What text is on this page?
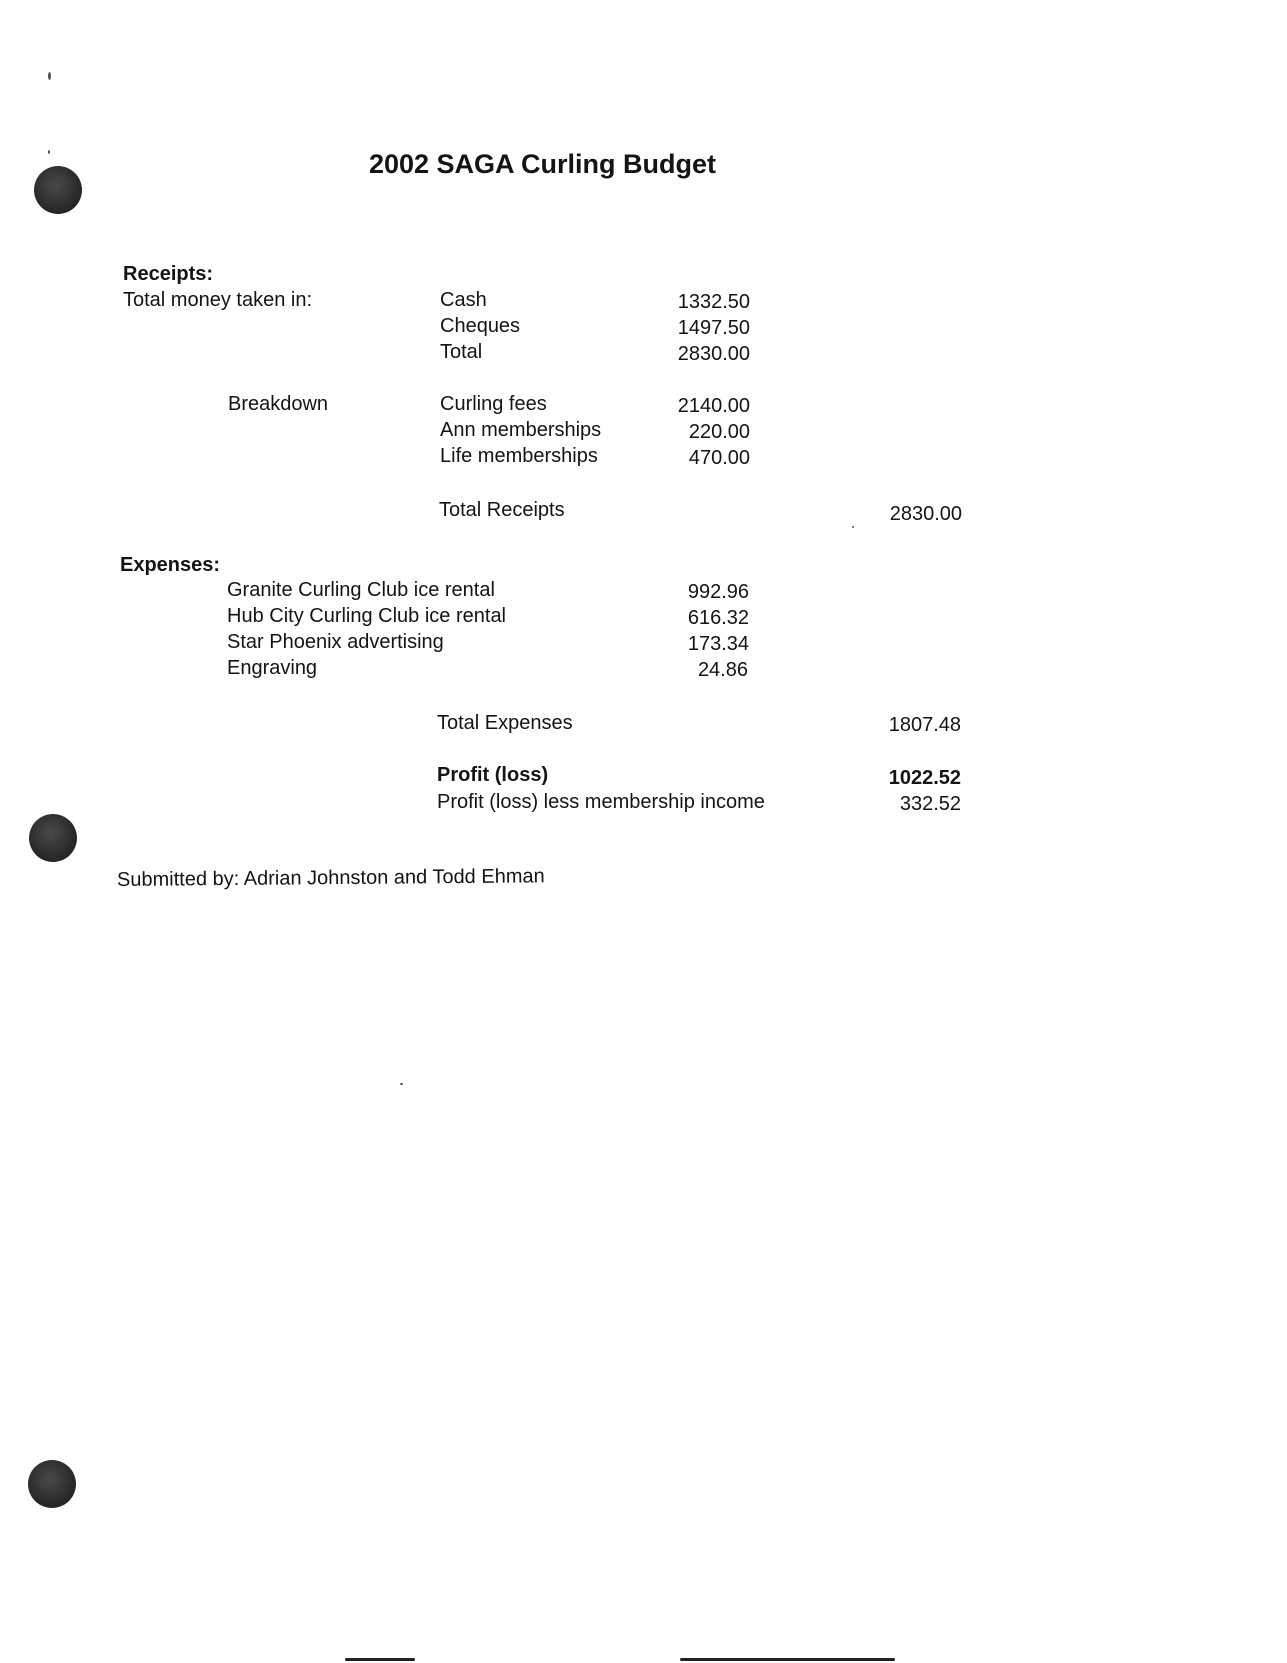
2002 SAGA Curling Budget
Receipts:
Total money taken in:	Cash	1332.50
Cheques	1497.50
Total	2830.00
Breakdown	Curling fees	2140.00
Ann memberships	220.00
Life memberships	470.00
Total Receipts	2830.00
Expenses:
Granite Curling Club ice rental	992.96
Hub City Curling Club ice rental	616.32
Star Phoenix advertising	173.34
Engraving	24.86
Total Expenses	1807.48
Profit (loss)	1022.52
Profit (loss) less membership income	332.52
Submitted by: Adrian Johnston and Todd Ehman
